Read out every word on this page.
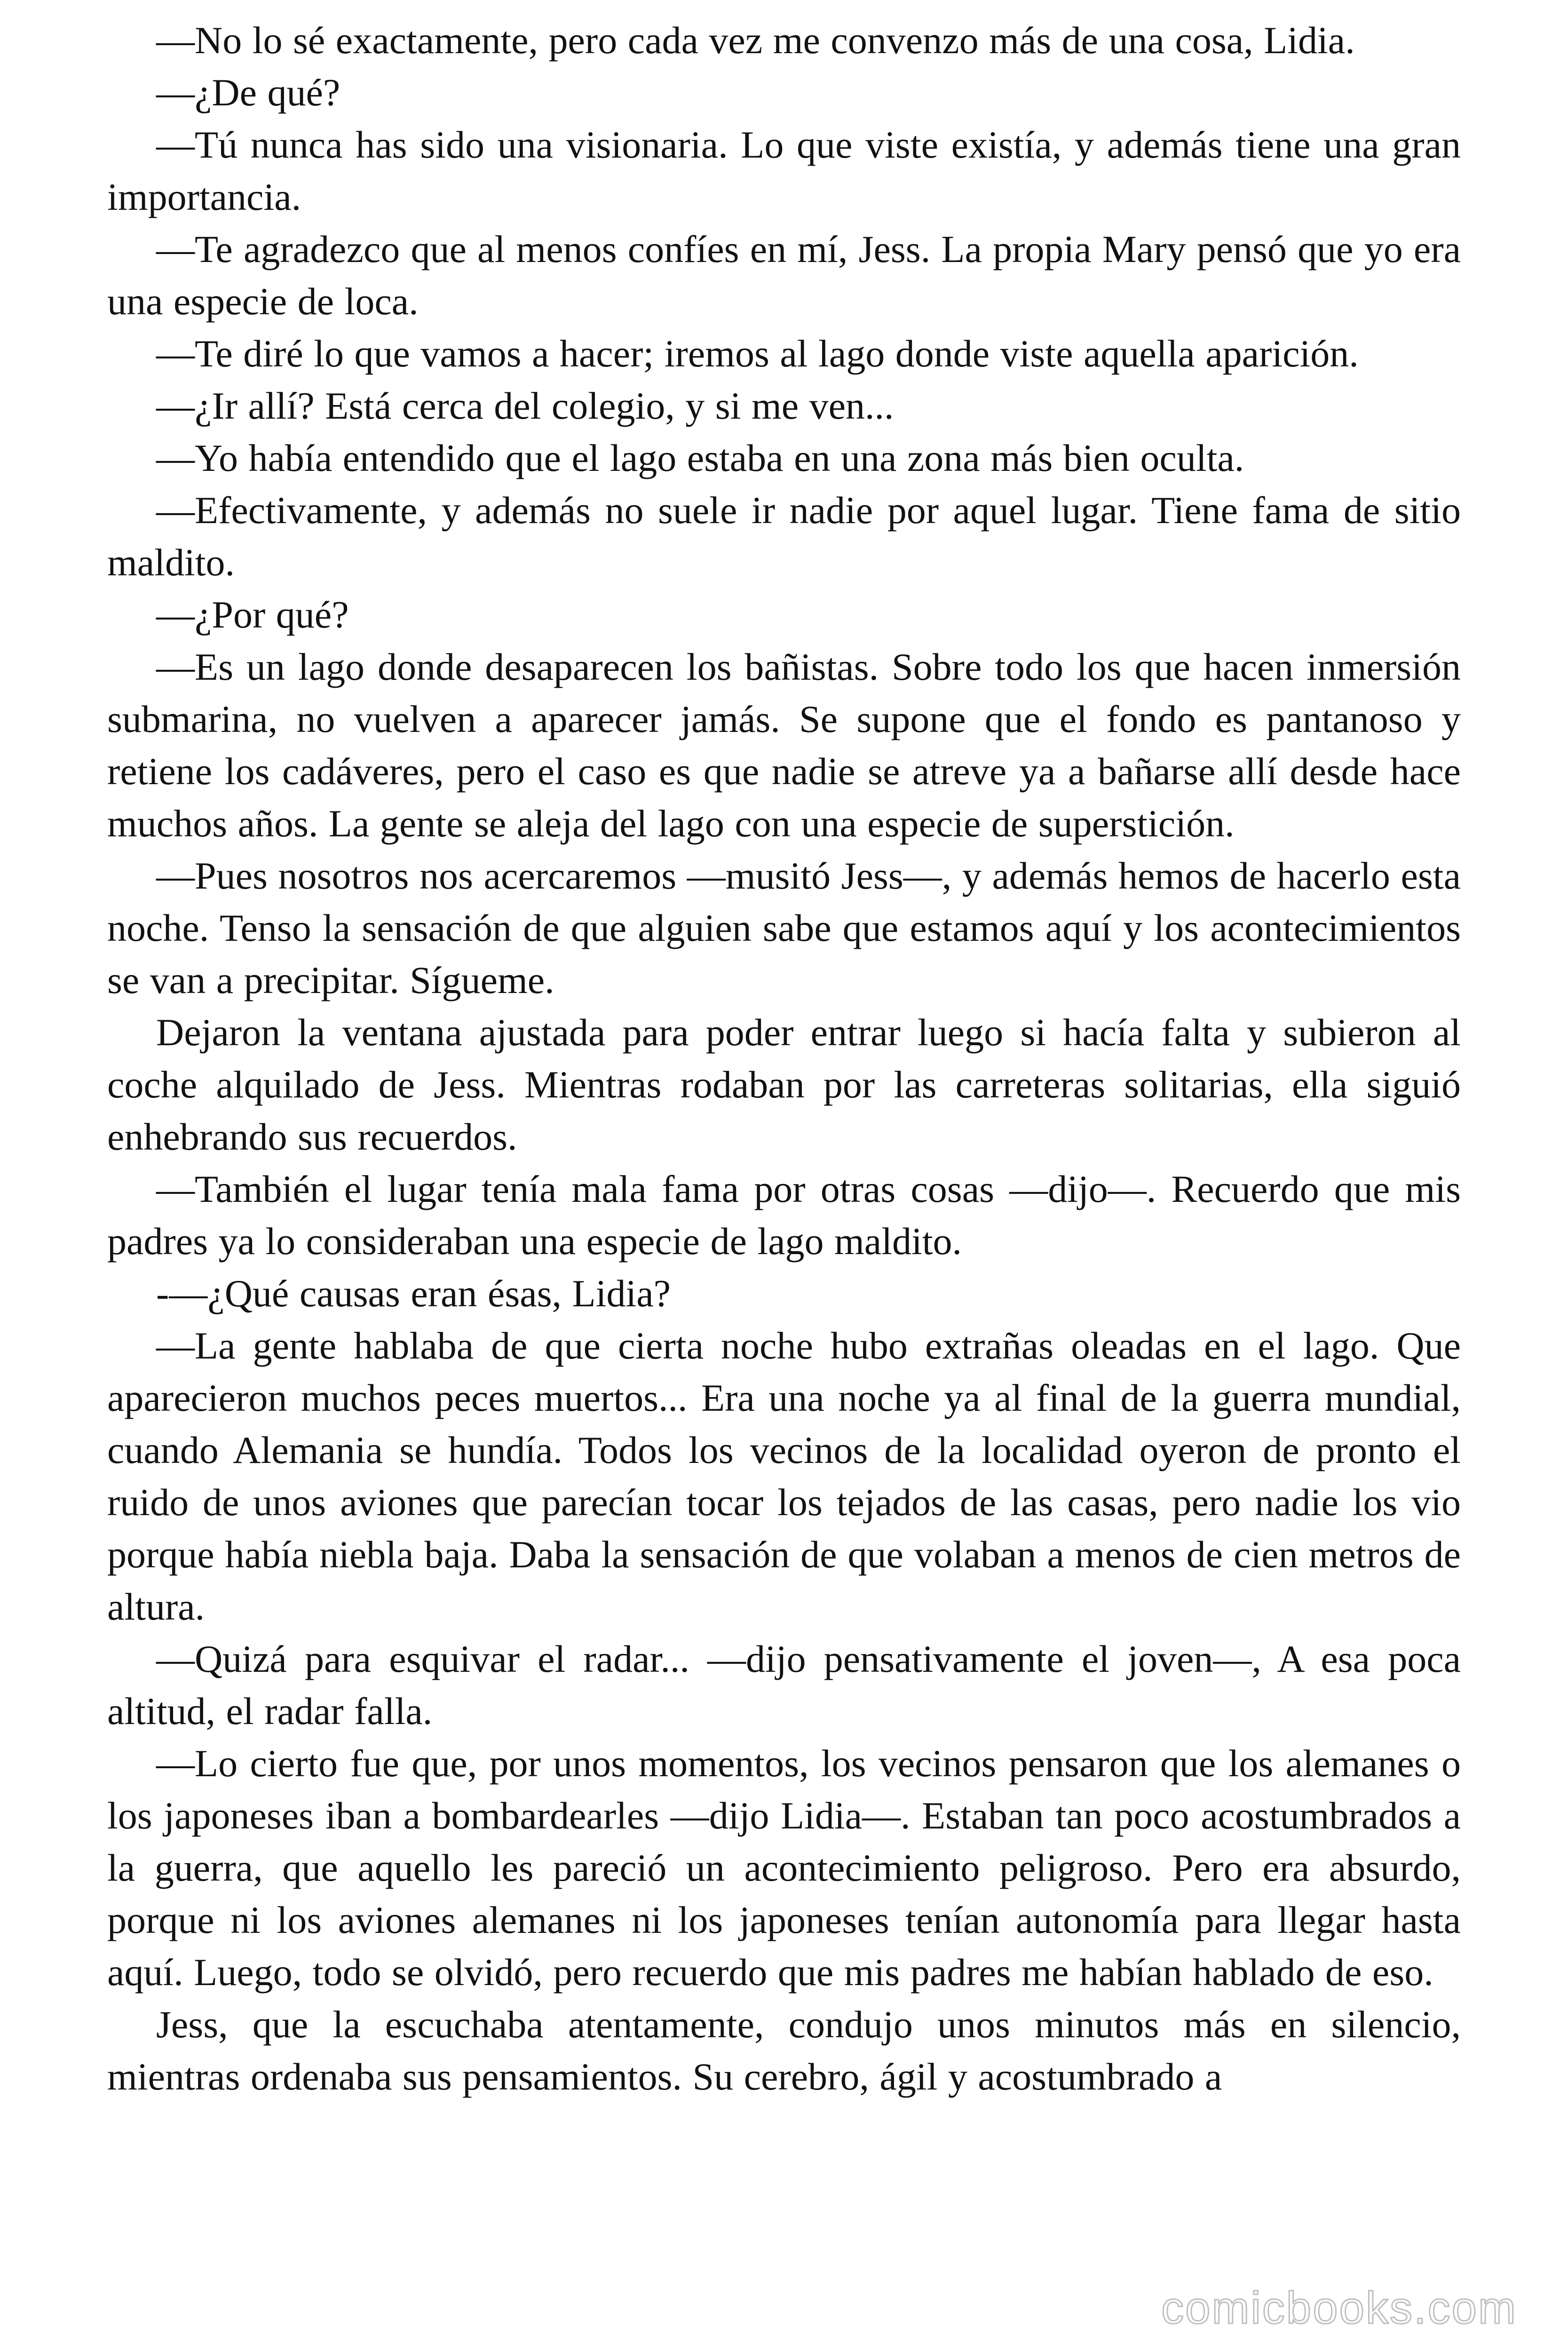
—No lo sé exactamente, pero cada vez me convenzo más de una cosa, Lidia.

—¿De qué?

—Tú nunca has sido una visionaria. Lo que viste existía, y además tiene una gran importancia.

—Te agradezco que al menos confíes en mí, Jess. La propia Mary pensó que yo era una especie de loca.

—Te diré lo que vamos a hacer; iremos al lago donde viste aquella aparición.

—¿Ir allí? Está cerca del colegio, y si me ven...

—Yo había entendido que el lago estaba en una zona más bien oculta.

—Efectivamente, y además no suele ir nadie por aquel lugar. Tiene fama de sitio maldito.

—¿Por qué?

—Es un lago donde desaparecen los bañistas. Sobre todo los que hacen inmersión submarina, no vuelven a aparecer jamás. Se supone que el fondo es pantanoso y retiene los cadáveres, pero el caso es que nadie se atreve ya a bañarse allí desde hace muchos años. La gente se aleja del lago con una especie de superstición.

—Pues nosotros nos acercaremos —musitó Jess—, y además hemos de hacerlo esta noche. Tenso la sensación de que alguien sabe que estamos aquí y los acontecimientos se van a precipitar. Sígueme.

Dejaron la ventana ajustada para poder entrar luego si hacía falta y subieron al coche alquilado de Jess. Mientras rodaban por las carreteras solitarias, ella siguió enhebrando sus recuerdos.

—También el lugar tenía mala fama por otras cosas —dijo—. Recuerdo que mis padres ya lo consideraban una especie de lago maldito.

-—¿Qué causas eran ésas, Lidia?

—La gente hablaba de que cierta noche hubo extrañas oleadas en el lago. Que aparecieron muchos peces muertos... Era una noche ya al final de la guerra mundial, cuando Alemania se hundía. Todos los vecinos de la localidad oyeron de pronto el ruido de unos aviones que parecían tocar los tejados de las casas, pero nadie los vio porque había niebla baja. Daba la sensación de que volaban a menos de cien metros de altura.

—Quizá para esquivar el radar... —dijo pensativamente el joven—, A esa poca altitud, el radar falla.

—Lo cierto fue que, por unos momentos, los vecinos pensaron que los alemanes o los japoneses iban a bombardearles —dijo Lidia—. Estaban tan poco acostumbrados a la guerra, que aquello les pareció un acontecimiento peligroso. Pero era absurdo, porque ni los aviones alemanes ni los japoneses tenían autonomía para llegar hasta aquí. Luego, todo se olvidó, pero recuerdo que mis padres me habían hablado de eso.

Jess, que la escuchaba atentamente, condujo unos minutos más en silencio, mientras ordenaba sus pensamientos. Su cerebro, ágil y acostumbrado a

comicbooks.com
